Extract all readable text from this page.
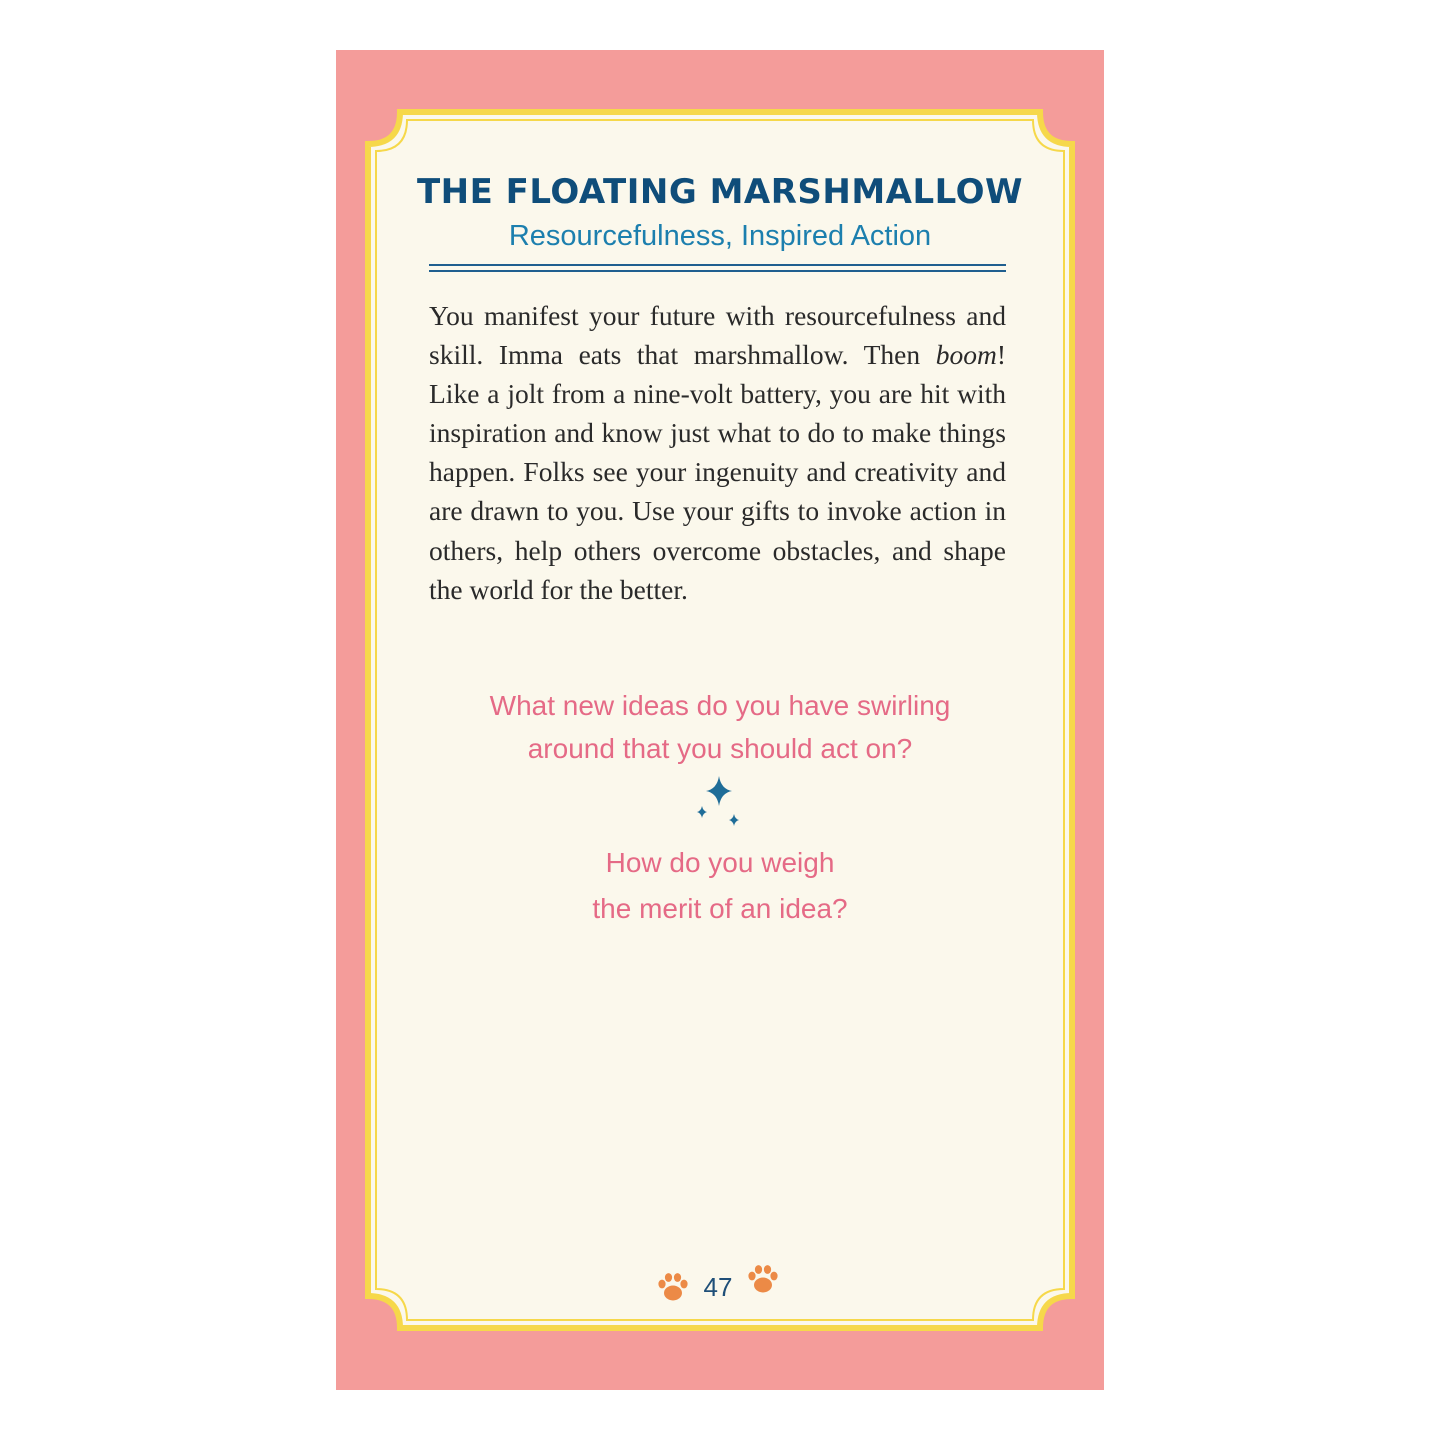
THE FLOATING MARSHMALLOW
Resourcefulness, Inspired Action

You manifest your future with resourcefulness and skill. Imma eats that marshmallow. Then boom! Like a jolt from a nine-volt battery, you are hit with inspiration and know just what to do to make things happen. Folks see your ingenuity and creativity and are drawn to you. Use your gifts to invoke action in others, help others overcome obstacles, and shape the world for the better.

What new ideas do you have swirling
around that you should act on?

How do you weigh
the merit of an idea?

47
